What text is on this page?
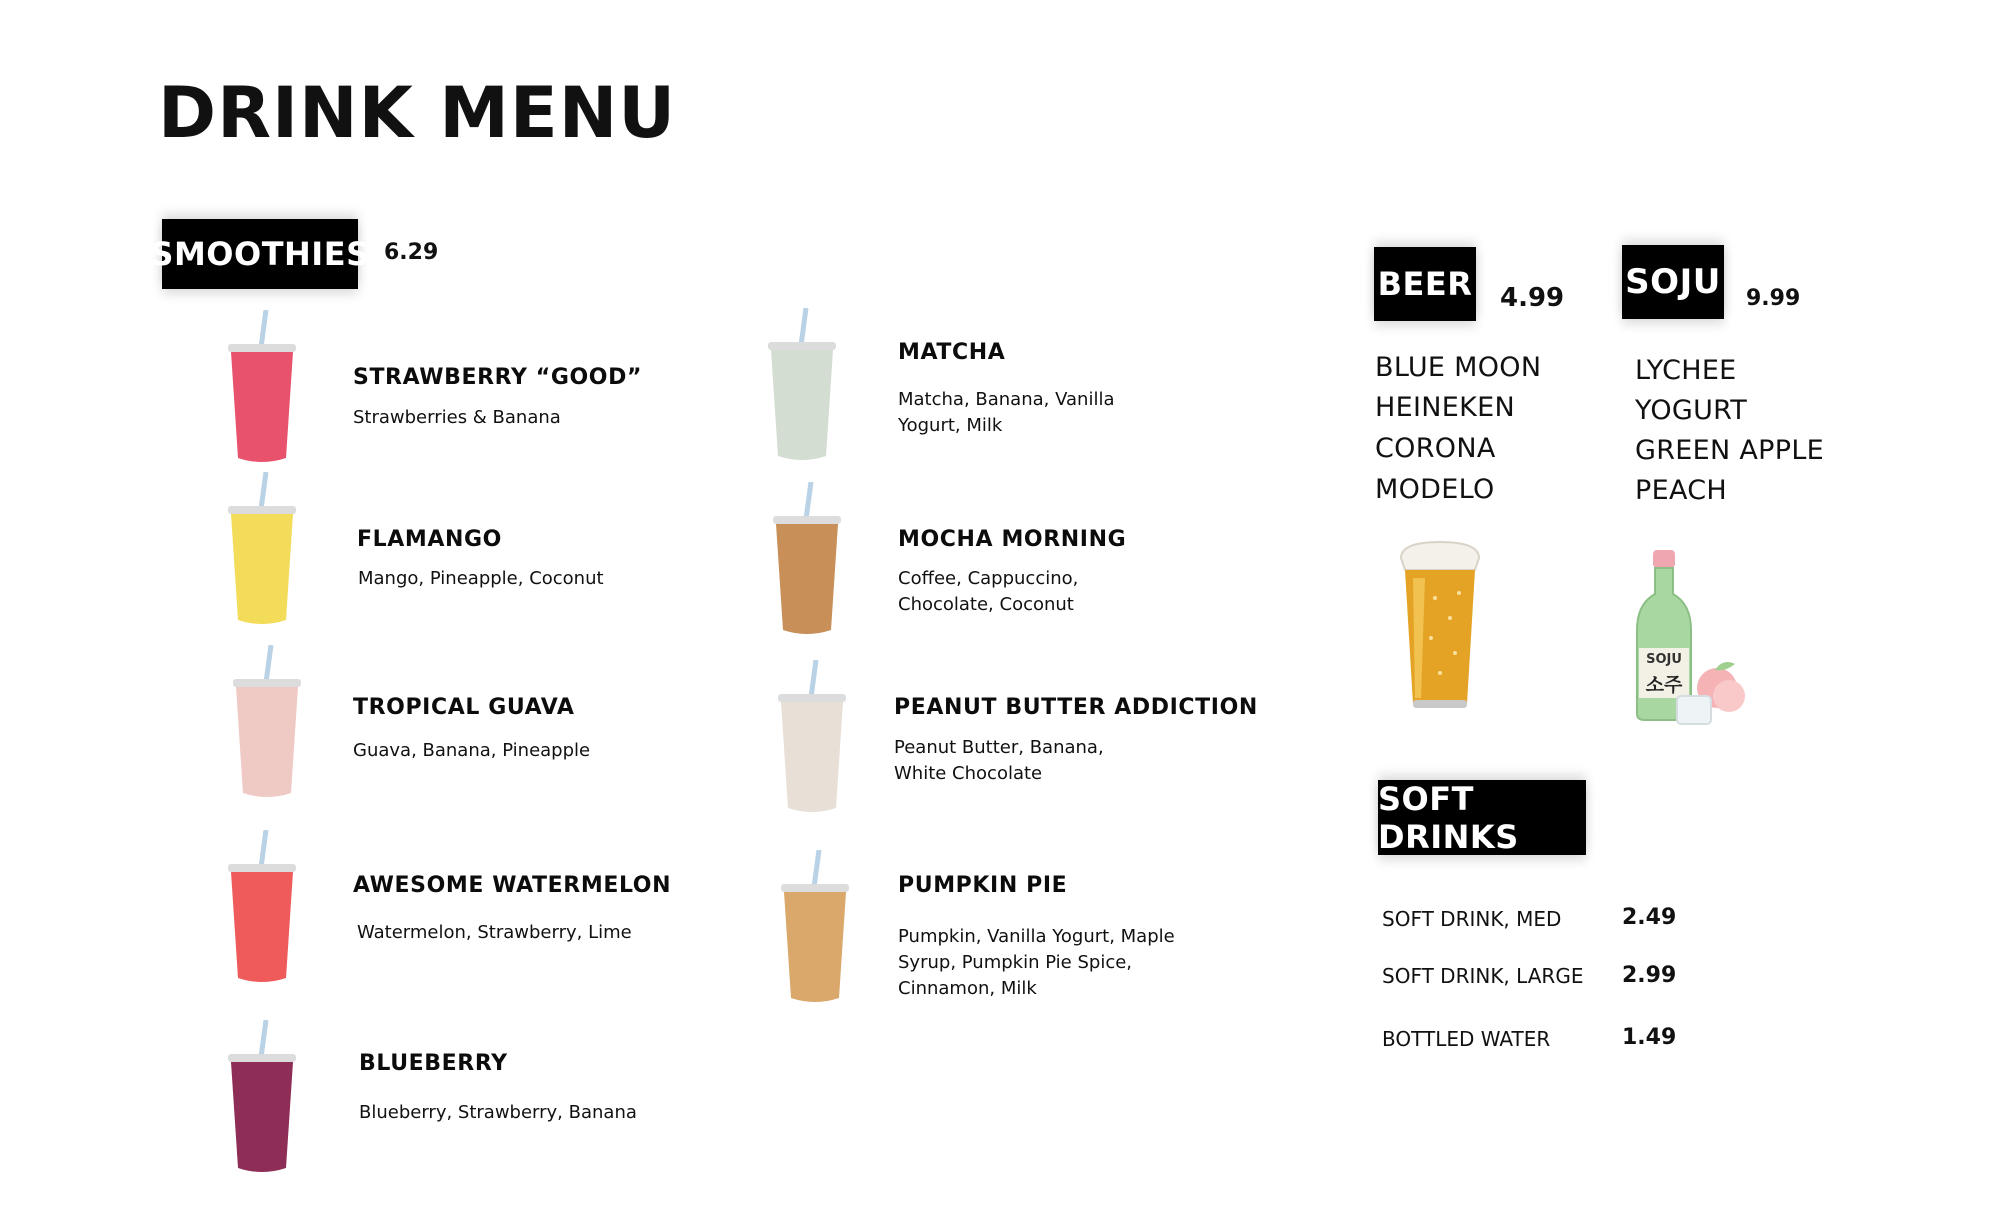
DRINK MENU
SMOOTHIES 6.29
STRAWBERRY “GOOD”
Strawberries & Banana
FLAMANGO
Mango, Pineapple, Coconut
TROPICAL GUAVA
Guava, Banana, Pineapple
AWESOME WATERMELON
Watermelon, Strawberry, Lime
BLUEBERRY
Blueberry, Strawberry, Banana
MATCHA
Matcha, Banana, Vanilla Yogurt, Milk
MOCHA MORNING
Coffee, Cappuccino, Chocolate, Coconut
PEANUT BUTTER ADDICTION
Peanut Butter, Banana, White Chocolate
PUMPKIN PIE
Pumpkin, Vanilla Yogurt, Maple Syrup, Pumpkin Pie Spice, Cinnamon, Milk
BEER 4.99
BLUE MOON
HEINEKEN
CORONA
MODELO
SOJU 9.99
LYCHEE
YOGURT
GREEN APPLE
PEACH
SOJU
소주
SOFT DRINKS
SOFT DRINK, MED	2.49
SOFT DRINK, LARGE 2.99
BOTTLED WATER	1.49
